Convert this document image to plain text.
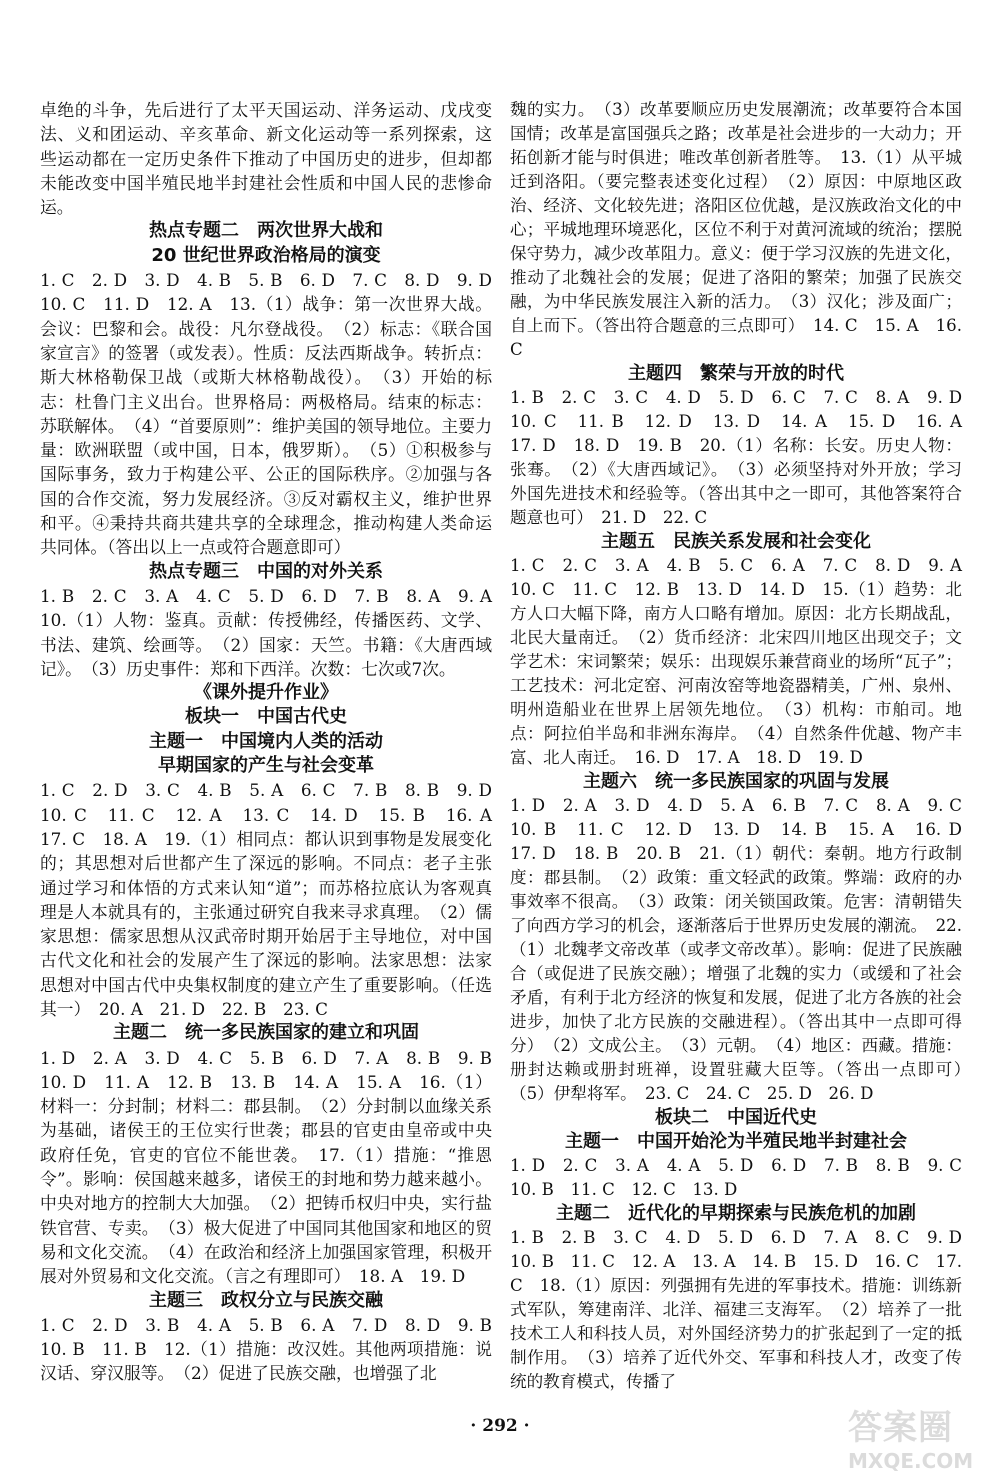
卓绝的斗争，先后进行了太平天国运动、洋务运动、戊戌变法、义和团运动、辛亥革命、新文化运动等一系列探索，这些运动都在一定历史条件下推动了中国历史的进步，但却都未能改变中国半殖民地半封建社会性质和中国人民的悲惨命运。

热点专题二　两次世界大战和

20 世纪世界政治格局的演变

1. C　2. D　3. D　4. B　5. B　6. D　7. C　8. D　9. D　10. C　11. D　12. A　13.（1）战争：第一次世界大战。会议：巴黎和会。战役：凡尔登战役。　（2）标志：《联合国家宣言》的签署（或发表）。性质：反法西斯战争。转折点：斯大林格勒保卫战（或斯大林格勒战役）。　（3）开始的标志：杜鲁门主义出台。世界格局：两极格局。结束的标志：苏联解体。　（4）“首要原则”：维护美国的领导地位。主要力量：欧洲联盟（或中国，日本，俄罗斯）。　（5）①积极参与国际事务，致力于构建公平、公正的国际秩序。②加强与各国的合作交流，努力发展经济。③反对霸权主义，维护世界和平。④秉持共商共建共享的全球理念，推动构建人类命运共同体。（答出以上一点或符合题意即可）

热点专题三　中国的对外关系

1. B　2. C　3. A　4. C　5. D　6. D　7. B　8. A　9. A　10.（1）人物：鉴真。贡献：传授佛经，传播医药、文学、书法、建筑、绘画等。　（2）国家：天竺。书籍：《大唐西域记》。　（3）历史事件：郑和下西洋。次数：七次或7次。

《课外提升作业》

板块一　中国古代史

主题一　中国境内人类的活动

早期国家的产生与社会变革

1. C　2. D　3. C　4. B　5. A　6. C　7. B　8. B　9. D　10. C　11. C　12. A　13. C　14. D　15. B　16. A　17. C　18. A　19.（1）相同点：都认识到事物是发展变化的；其思想对后世都产生了深远的影响。不同点：老子主张通过学习和体悟的方式来认知“道”；而苏格拉底认为客观真理是人本就具有的，主张通过研究自我来寻求真理。　（2）儒家思想：儒家思想从汉武帝时期开始居于主导地位，对中国古代文化和社会的发展产生了深远的影响。法家思想：法家思想对中国古代中央集权制度的建立产生了重要影响。（任选其一）　20. A　21. D　22. B　23. C

主题二　统一多民族国家的建立和巩固

1. D　2. A　3. D　4. C　5. B　6. D　7. A　8. B　9. B　10. D　11. A　12. B　13. B　14. A　15. A　16.（1）材料一：分封制；材料二：郡县制。　（2）分封制以血缘关系为基础，诸侯王的王位实行世袭；郡县的官吏由皇帝或中央政府任免，官吏的官位不能世袭。　17.（1）措施：“推恩令”。影响：侯国越来越多，诸侯王的封地和势力越来越小。中央对地方的控制大大加强。　（2）把铸币权归中央，实行盐铁官营、专卖。　（3）极大促进了中国同其他国家和地区的贸易和文化交流。　（4）在政治和经济上加强国家管理，积极开展对外贸易和文化交流。（言之有理即可）　18. A　19. D

主题三　政权分立与民族交融

1. C　2. D　3. B　4. A　5. B　6. A　7. D　8. D　9. B　10. B　11. B　12.（1）措施：改汉姓。其他两项措施：说汉话、穿汉服等。　（2）促进了民族交融，也增强了北

魏的实力。　（3）改革要顺应历史发展潮流；改革要符合本国国情；改革是富国强兵之路；改革是社会进步的一大动力；开拓创新才能与时俱进；唯改革创新者胜等。　13.（1）从平城迁到洛阳。（要完整表述变化过程）　（2）原因：中原地区政治、经济、文化较先进；洛阳区位优越，是汉族政治文化的中心；平城地理环境恶化，区位不利于对黄河流域的统治；摆脱保守势力，减少改革阻力。意义：便于学习汉族的先进文化，推动了北魏社会的发展；促进了洛阳的繁荣；加强了民族交融，为中华民族发展注入新的活力。　（3）汉化；涉及面广；自上而下。（答出符合题意的三点即可）　14. C　15. A　16. C

主题四　繁荣与开放的时代

1. B　2. C　3. C　4. D　5. D　6. C　7. C　8. A　9. D　10. C　11. B　12. D　13. D　14. A　15. D　16. A　17. D　18. D　19. B　20.（1）名称：长安。历史人物：张骞。　（2）《大唐西域记》。　（3）必须坚持对外开放；学习外国先进技术和经验等。（答出其中之一即可，其他答案符合题意也可）　21. D　22. C

主题五　民族关系发展和社会变化

1. C　2. C　3. A　4. B　5. C　6. A　7. C　8. D　9. A　10. C　11. C　12. B　13. D　14. D　15.（1）趋势：北方人口大幅下降，南方人口略有增加。原因：北方长期战乱，北民大量南迁。　（2）货币经济：北宋四川地区出现交子；文学艺术：宋词繁荣；娱乐：出现娱乐兼营商业的场所“瓦子”；工艺技术：河北定窑、河南汝窑等地瓷器精美，广州、泉州、明州造船业在世界上居领先地位。　（3）机构：市舶司。地点：阿拉伯半岛和非洲东海岸。　（4）自然条件优越、物产丰富、北人南迁。　16. D　17. A　18. D　19. D

主题六　统一多民族国家的巩固与发展

1. D　2. A　3. D　4. D　5. A　6. B　7. C　8. A　9. C　10. B　11. C　12. D　13. D　14. B　15. A　16. D　17. D　18. B　20. B　21.（1）朝代：秦朝。地方行政制度：郡县制。　（2）政策：重文轻武的政策。弊端：政府的办事效率不很高。　（3）政策：闭关锁国政策。危害：清朝错失了向西方学习的机会，逐渐落后于世界历史发展的潮流。　22.（1）北魏孝文帝改革（或孝文帝改革）。影响：促进了民族融合（或促进了民族交融）；增强了北魏的实力（或缓和了社会矛盾，有利于北方经济的恢复和发展，促进了北方各族的社会进步，加快了北方民族的交融进程）。（答出其中一点即可得分）　（2）文成公主。　（3）元朝。　（4）地区：西藏。措施：册封达赖或册封班禅，设置驻藏大臣等。（答出一点即可）　（5）伊犁将军。　23. C　24. C　25. D　26. D

板块二　中国近代史

主题一　中国开始沦为半殖民地半封建社会

1. D　2. C　3. A　4. A　5. D　6. D　7. B　8. B　9. C　10. B　11. C　12. C　13. D

主题二　近代化的早期探索与民族危机的加剧

1. B　2. B　3. C　4. D　5. D　6. D　7. A　8. C　9. D　10. B　11. C　12. A　13. A　14. B　15. D　16. C　17. C　18.（1）原因：列强拥有先进的军事技术。措施：训练新式军队，筹建南洋、北洋、福建三支海军。　（2）培养了一批技术工人和科技人员，对外国经济势力的扩张起到了一定的抵制作用。　（3）培养了近代外交、军事和科技人才，改变了传统的教育模式，传播了

· 292 ·	答案圈
MXQE.COM
